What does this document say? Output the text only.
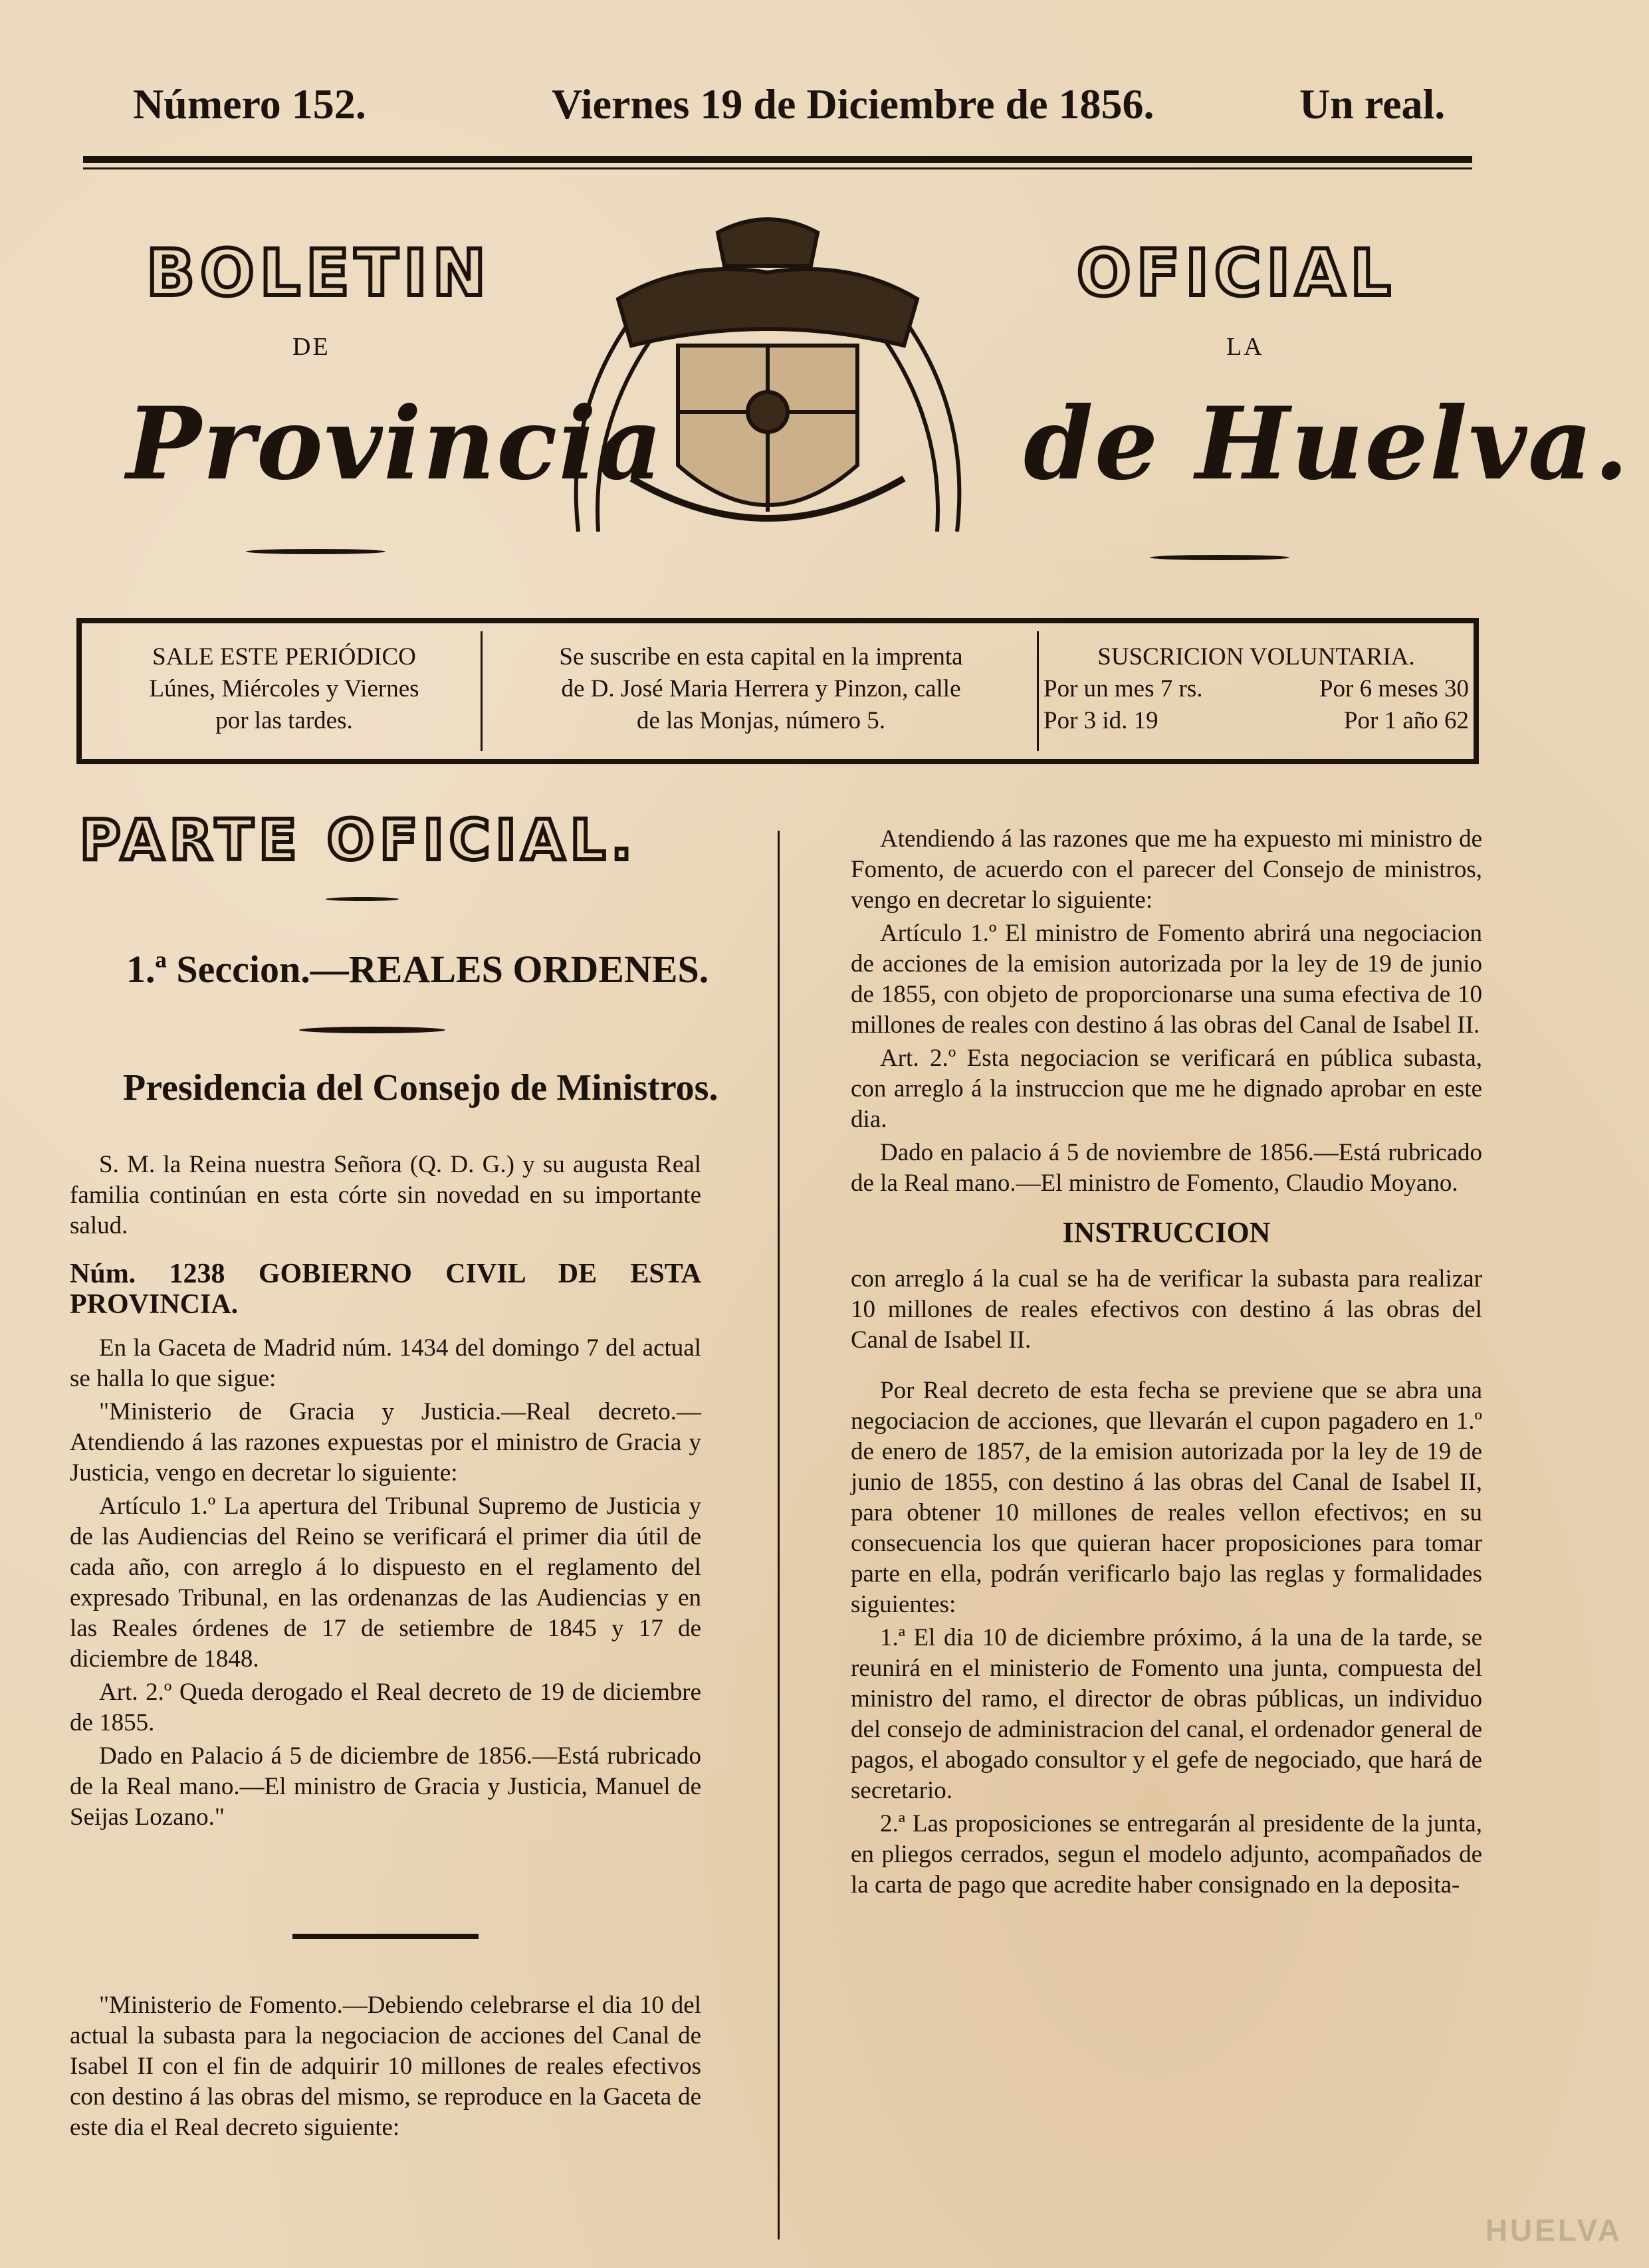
Número 152.	Viernes 19 de Diciembre de 1856.	Un real.
BOLETIN	OFICIAL
DE	LA
Provincia	de Huelva.
SALE ESTE PERIÓDICO
Lúnes, Miércoles y Viernes
por las tardes.
Se suscribe en esta capital en la imprenta
de D. José Maria Herrera y Pinzon, calle
de las Monjas, número 5.
SUSCRICION VOLUNTARIA.
Por un mes 7 rs.	Por 6 meses 30
Por 3 id. 19	Por 1 año 62
PARTE OFICIAL.
1.ª Seccion.—REALES ORDENES.
Presidencia del Consejo de Ministros.

S. M. la Reina nuestra Señora (Q. D. G.) y su augusta Real familia continúan en esta córte sin novedad en su importante salud.

Núm. 1238 GOBIERNO CIVIL DE ESTA PROVINCIA.

En la Gaceta de Madrid núm. 1434 del domingo 7 del actual se halla lo que sigue:

"Ministerio de Gracia y Justicia.—Real decreto.—Atendiendo á las razones expuestas por el ministro de Gracia y Justicia, vengo en decretar lo siguiente:

Artículo 1.º La apertura del Tribunal Supremo de Justicia y de las Audiencias del Reino se verificará el primer dia útil de cada año, con arreglo á lo dispuesto en el reglamento del expresado Tribunal, en las ordenanzas de las Audiencias y en las Reales órdenes de 17 de setiembre de 1845 y 17 de diciembre de 1848.

Art. 2.º Queda derogado el Real decreto de 19 de diciembre de 1855.

Dado en Palacio á 5 de diciembre de 1856.—Está rubricado de la Real mano.—El ministro de Gracia y Justicia, Manuel de Seijas Lozano."

"Ministerio de Fomento.—Debiendo celebrarse el dia 10 del actual la subasta para la negociacion de acciones del Canal de Isabel II con el fin de adquirir 10 millones de reales efectivos con destino á las obras del mismo, se reproduce en la Gaceta de este dia el Real decreto siguiente:

Atendiendo á las razones que me ha expuesto mi ministro de Fomento, de acuerdo con el parecer del Consejo de ministros, vengo en decretar lo siguiente:

Artículo 1.º El ministro de Fomento abrirá una negociacion de acciones de la emision autorizada por la ley de 19 de junio de 1855, con objeto de proporcionarse una suma efectiva de 10 millones de reales con destino á las obras del Canal de Isabel II.

Art. 2.º Esta negociacion se verificará en pública subasta, con arreglo á la instruccion que me he dignado aprobar en este dia.

Dado en palacio á 5 de noviembre de 1856.—Está rubricado de la Real mano.—El ministro de Fomento, Claudio Moyano.

INSTRUCCION

con arreglo á la cual se ha de verificar la subasta para realizar 10 millones de reales efectivos con destino á las obras del Canal de Isabel II.

Por Real decreto de esta fecha se previene que se abra una negociacion de acciones, que llevarán el cupon pagadero en 1.º de enero de 1857, de la emision autorizada por la ley de 19 de junio de 1855, con destino á las obras del Canal de Isabel II, para obtener 10 millones de reales vellon efectivos; en su consecuencia los que quieran hacer proposiciones para tomar parte en ella, podrán verificarlo bajo las reglas y formalidades siguientes:

1.ª El dia 10 de diciembre próximo, á la una de la tarde, se reunirá en el ministerio de Fomento una junta, compuesta del ministro del ramo, el director de obras públicas, un individuo del consejo de administracion del canal, el ordenador general de pagos, el abogado consultor y el gefe de negociado, que hará de secretario.

2.ª Las proposiciones se entregarán al presidente de la junta, en pliegos cerrados, segun el modelo adjunto, acompañados de la carta de pago que acredite haber consignado en la deposita-

HUELVA
